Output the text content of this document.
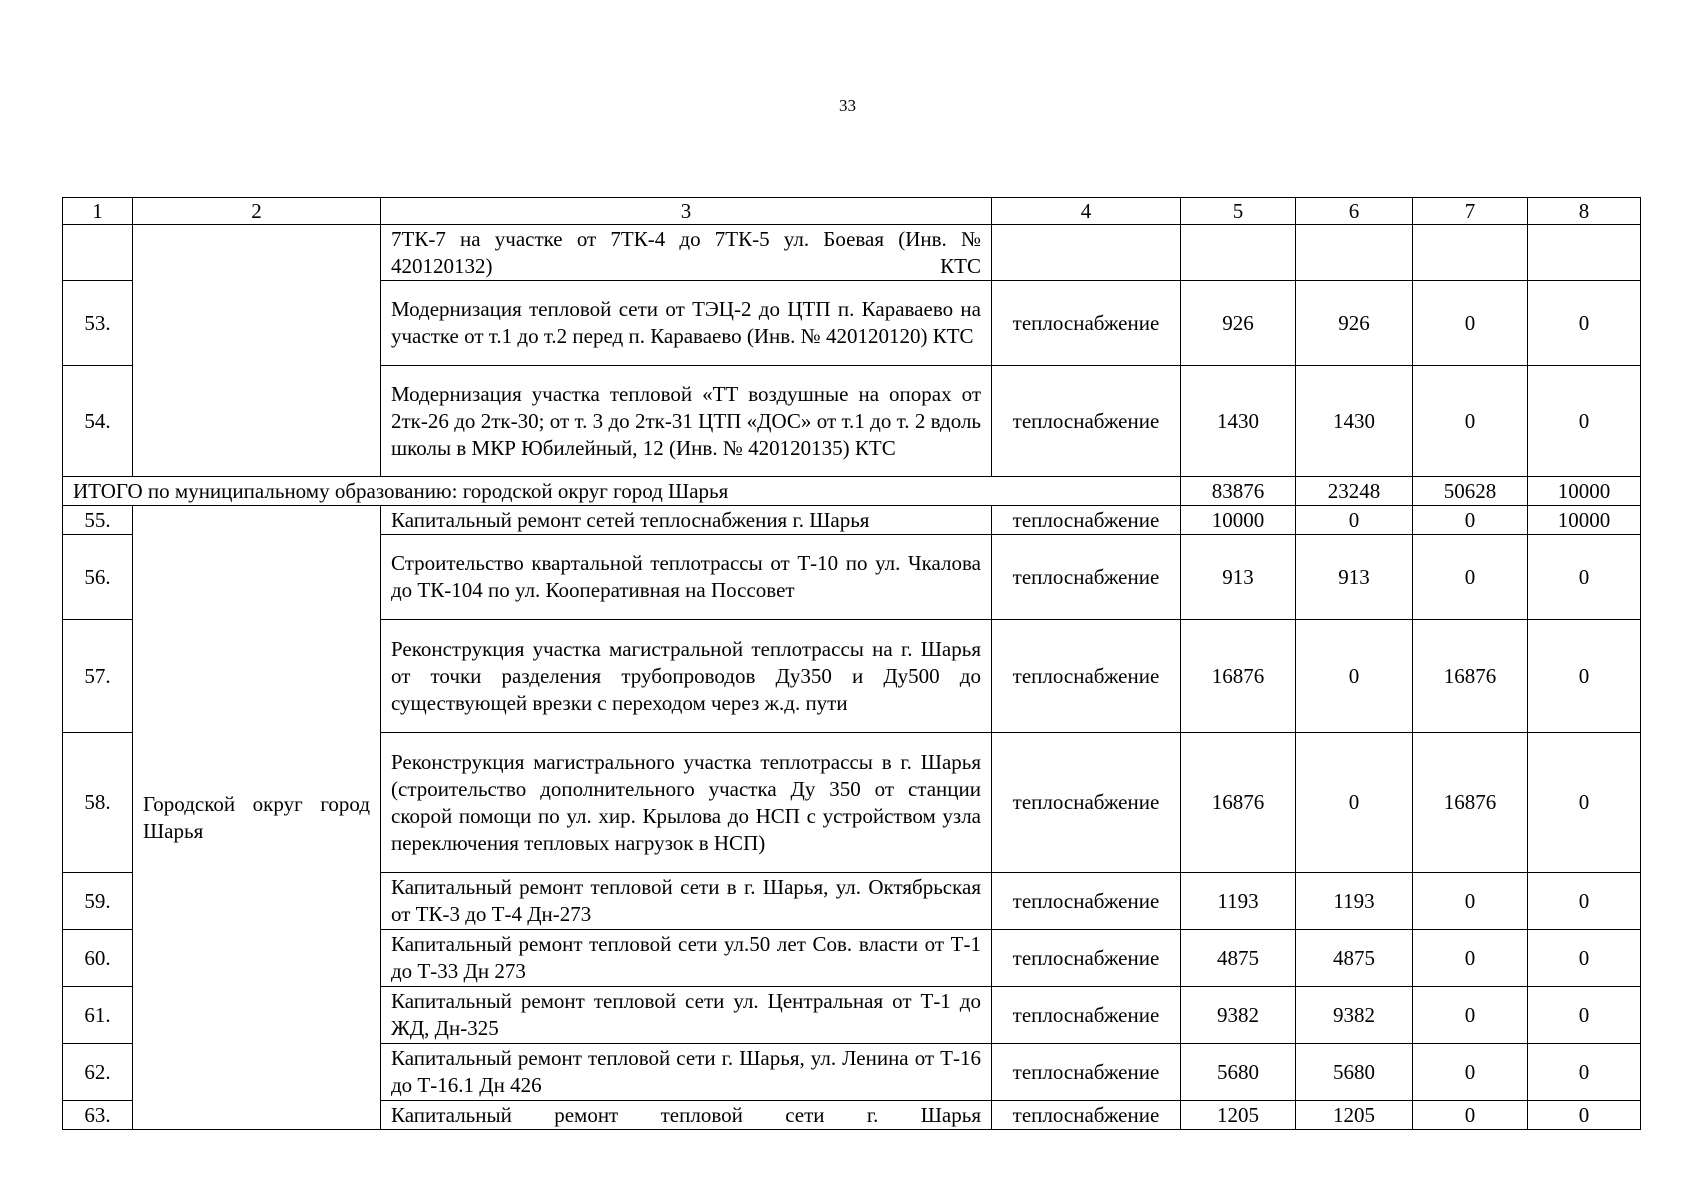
33
1	2	3	4	5	6	7	8
		7ТК-7 на участке от 7ТК-4 до 7ТК-5 ул. Боевая (Инв. № 420120132) КТС					
53.		Модернизация тепловой сети от ТЭЦ-2 до ЦТП п. Караваево на участке от т.1 до т.2 перед п. Караваево (Инв. № 420120120) КТС	теплоснабжение	926	926	0	0
54.		Модернизация участка тепловой «ТТ воздушные на опорах от 2тк-26 до 2тк-30; от т. 3 до 2тк-31 ЦТП «ДОС» от т.1 до т. 2 вдоль школы в МКР Юбилейный, 12 (Инв. № 420120135) КТС	теплоснабжение	1430	1430	0	0
ИТОГО по муниципальному образованию: городской округ город Шарья				83876	23248	50628	10000
55.	Городской округ город Шарья	Капитальный ремонт сетей теплоснабжения г. Шарья	теплоснабжение	10000	0	0	10000
56.		Строительство квартальной теплотрассы от Т-10 по ул. Чкалова до ТК-104 по ул. Кооперативная на Поссовет	теплоснабжение	913	913	0	0
57.		Реконструкция участка магистральной теплотрассы на г. Шарья от точки разделения трубопроводов Ду350 и Ду500 до существующей врезки с переходом через ж.д. пути	теплоснабжение	16876	0	16876	0
58.		Реконструкция магистрального участка теплотрассы в г. Шарья (строительство дополнительного участка Ду 350 от станции скорой помощи по ул. хир. Крылова до НСП с устройством узла переключения тепловых нагрузок в НСП)	теплоснабжение	16876	0	16876	0
59.		Капитальный ремонт тепловой сети в г. Шарья, ул. Октябрьская от ТК-3 до Т-4 Дн-273	теплоснабжение	1193	1193	0	0
60.		Капитальный ремонт тепловой сети ул.50 лет Сов. власти от Т-1 до Т-33 Дн 273	теплоснабжение	4875	4875	0	0
61.		Капитальный ремонт тепловой сети ул. Центральная от Т-1 до ЖД, Дн-325	теплоснабжение	9382	9382	0	0
62.		Капитальный ремонт тепловой сети г. Шарья, ул. Ленина от Т-16 до Т-16.1 Дн 426	теплоснабжение	5680	5680	0	0
63.		Капитальный ремонт тепловой сети г. Шарья	теплоснабжение	1205	1205	0	0
